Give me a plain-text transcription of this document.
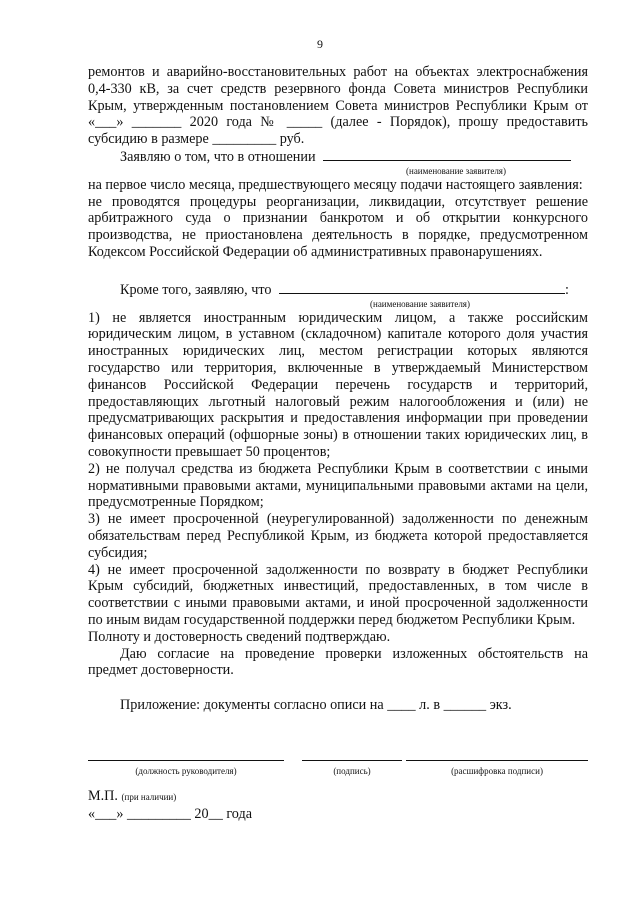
9

ремонтов и аварийно-восстановительных работ на объектах электроснабжения 0,4-330 кВ, за счет средств резервного фонда Совета министров Республики Крым, утвержденным постановлением Совета министров Республики Крым от «___» _______ 2020 года № _____ (далее - Порядок), прошу предоставить субсидию в размере _________ руб.

Заявляю о том, что в отношении

(наименование заявителя)

на первое число месяца, предшествующего месяцу подачи настоящего заявления:

не проводятся процедуры реорганизации, ликвидации, отсутствует решение арбитражного суда о признании банкротом и об открытии конкурсного производства, не приостановлена деятельность в порядке, предусмотренном Кодексом Российской Федерации об административных правонарушениях.

Кроме того, заявляю, что	:

(наименование заявителя)

1) не является иностранным юридическим лицом, а также российским юридическим лицом, в уставном (складочном) капитале которого доля участия иностранных юридических лиц, местом регистрации которых являются государство или территория, включенные в утверждаемый Министерством финансов Российской Федерации перечень государств и территорий, предоставляющих льготный налоговый режим налогообложения и (или) не предусматривающих раскрытия и предоставления информации при проведении финансовых операций (офшорные зоны) в отношении таких юридических лиц, в совокупности превышает 50 процентов;

2) не получал средства из бюджета Республики Крым в соответствии с иными нормативными правовыми актами, муниципальными правовыми актами на цели, предусмотренные Порядком;

3) не имеет просроченной (неурегулированной) задолженности по денежным обязательствам перед Республикой Крым, из бюджета которой предоставляется субсидия;

4) не имеет просроченной задолженности по возврату в бюджет Республики Крым субсидий, бюджетных инвестиций, предоставленных, в том числе в соответствии с иными правовыми актами, и иной просроченной задолженности по иным видам государственной поддержки перед бюджетом Республики Крым.

Полноту и достоверность сведений подтверждаю.

Даю согласие на проведение проверки изложенных обстоятельств на предмет достоверности.

Приложение: документы согласно описи на ____ л. в ______ экз.

(должность руководителя)	(подпись)	(расшифровка подписи)
М.П. (при наличии)
«___» _________ 20__ года
